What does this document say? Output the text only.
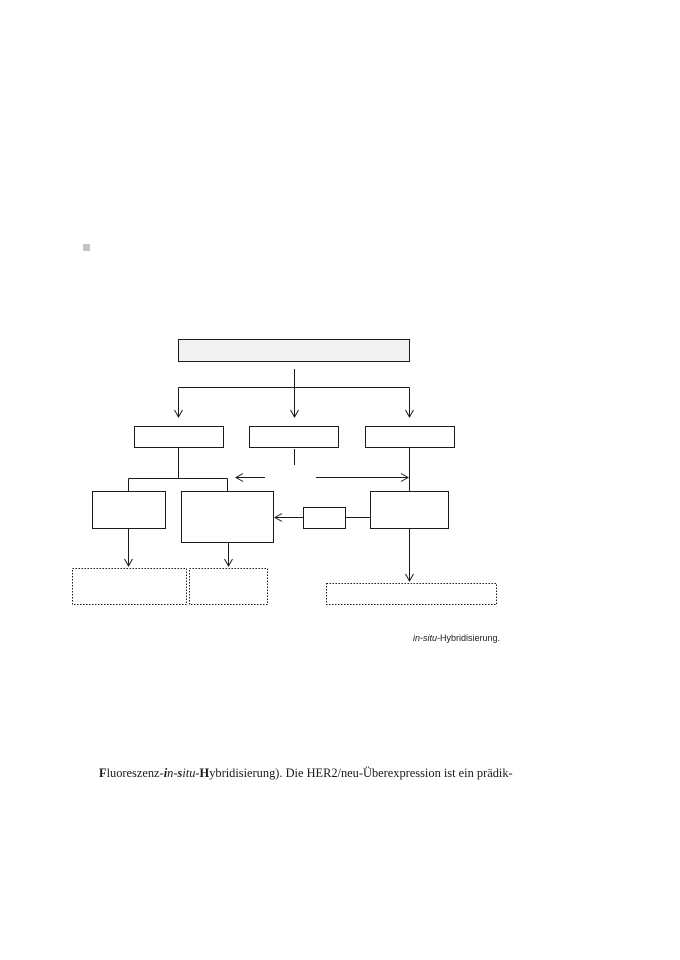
in-situ-Hybridisierung.
Fluoreszenz-in-situ-Hybridisierung). Die HER2/neu-Überexpression ist ein prädik-
